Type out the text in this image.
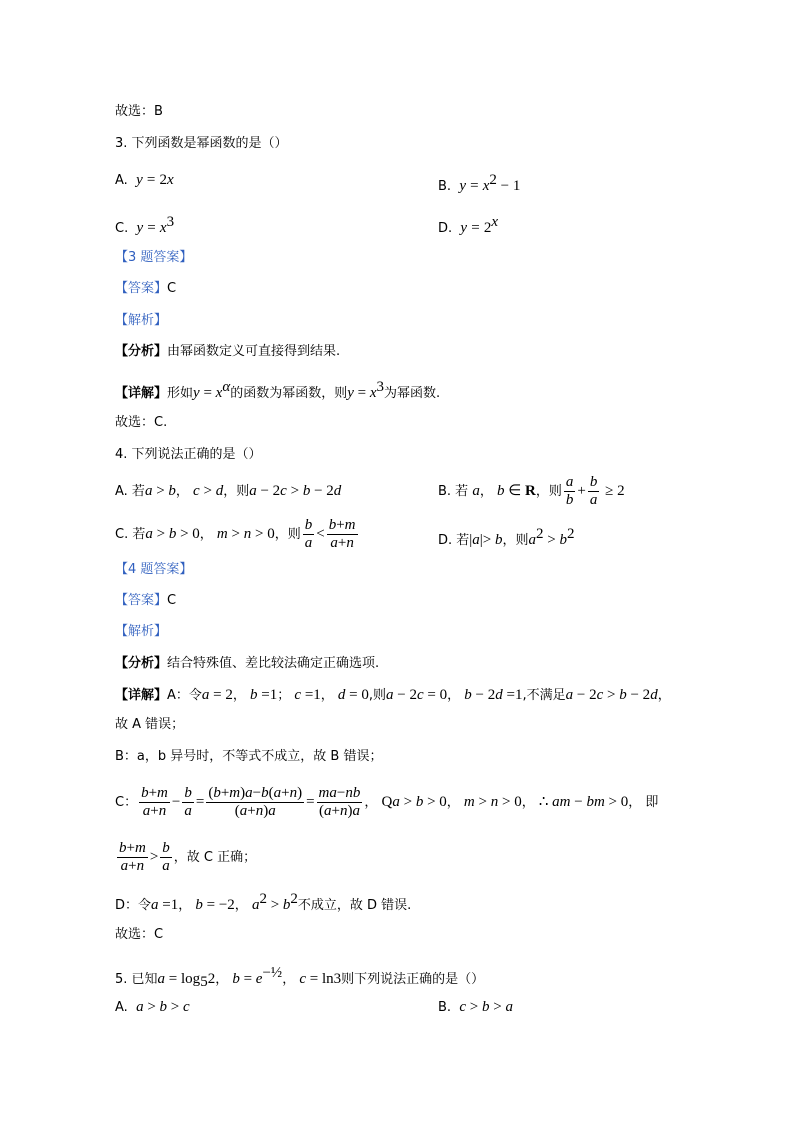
故选：B
3. 下列函数是幂函数的是（）
A. y = 2x	B. $y = x^2 - 1$
C. $y = x^3$	D. $y = 2^x$
【3 题答案】
【答案】C
【解析】
【分析】由幂函数定义可直接得到结果.
【详解】形如$y = x^\alpha$的函数为幂函数，则$y = x^3$为幂函数.
故选：C.
4. 下列说法正确的是（）
A. 若a > b， c > d，则a − 2c > b − 2d	B. 若 a， b ∈ R，则 $\frac{a}{b} + \frac{b}{a} \ge 2$
C. 若a > b > 0， m > n > 0，则 $\frac{b}{a} < \frac{b+m}{a+n}$	D. 若|a|> b，则$a^2 > b^2$
【4 题答案】
【答案】C
【解析】
【分析】结合特殊值、差比较法确定正确选项.
【详解】A：令a = 2， b =1； c =1， d = 0,则a − 2c = 0， b − 2d =1,不满足a − 2c > b − 2d，
故 A 错误；
B：a，b 异号时，不等式不成立，故 B 错误；
C： $\frac{b+m}{a+n} - \frac{b}{a} = \frac{(b+m)a-b(a+n)}{(a+n)a} = \frac{ma-nb}{(a+n)a}$ ， Qa > b > 0， m > n > 0， ∴ am − bm > 0， 即
$\frac{b+m}{a+n} > \frac{b}{a}$ ，故 C 正确；
D：令a =1， b = −2， $a^2 > b^2$不成立，故 D 错误.
故选：C
5. 已知$a = \log_52$， $b = e^{-\frac{1}{2}}$， c = ln3则下列说法正确的是（）
A. a > b > c	B. c > b > a
